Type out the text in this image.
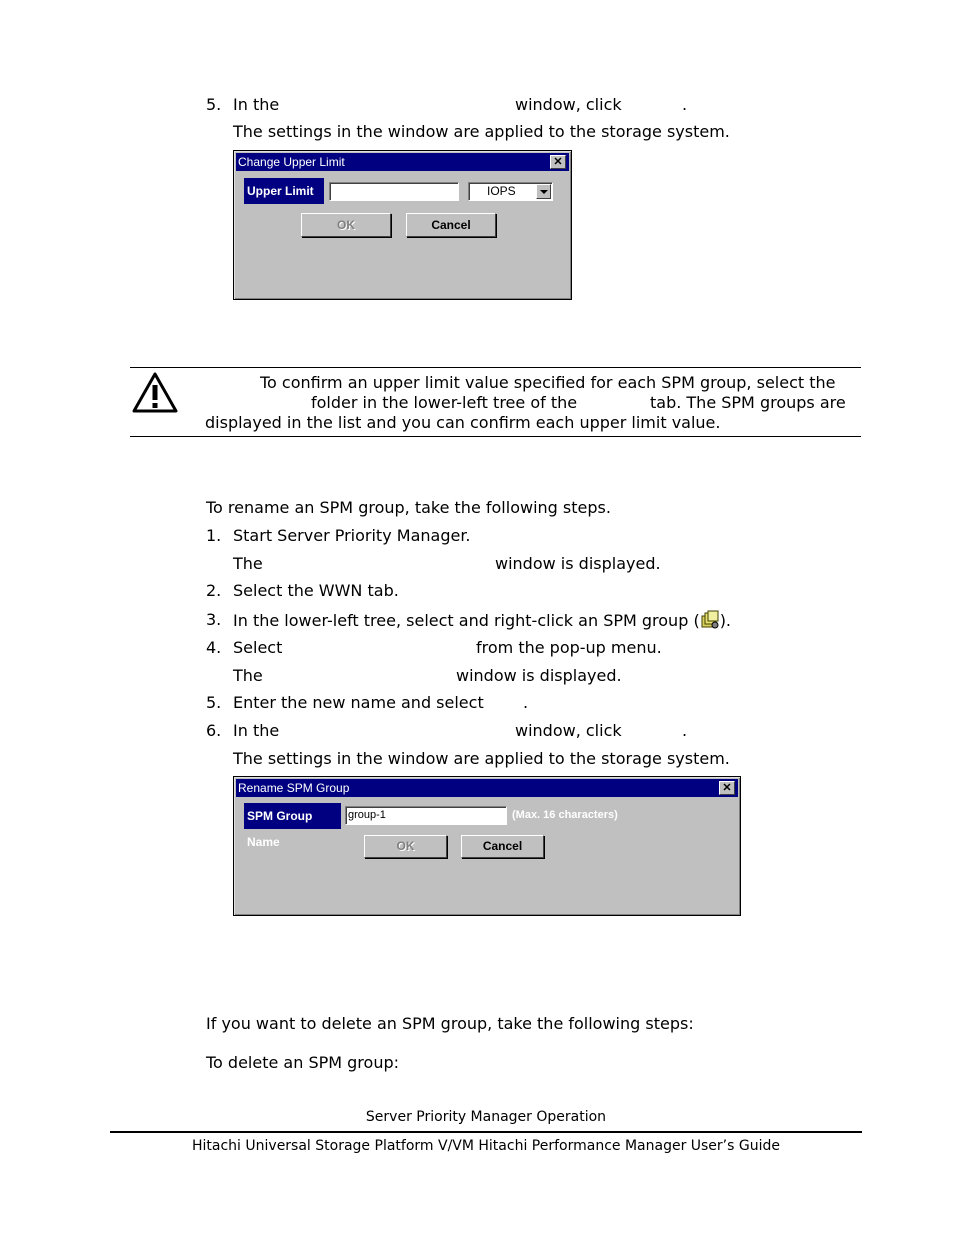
5. In the	window, click	.
The settings in the window are applied to the storage system.
Change Upper Limit	✕
Upper Limit	IOPS
OK	Cancel
To confirm an upper limit value specified for each SPM group, select the
folder in the lower-left tree of the	tab. The SPM groups are
displayed in the list and you can confirm each upper limit value.
To rename an SPM group, take the following steps.
1. Start Server Priority Manager.
The	window is displayed.
2. Select the WWN tab.
3. In the lower-left tree, select and right-click an SPM group ( ).
4. Select	from the pop-up menu.
The	window is displayed.
5. Enter the new name and select .
6. In the	window, click	.
The settings in the window are applied to the storage system.
Rename SPM Group	✕
SPM Group Name
group-1	(Max. 16 characters)
OK	Cancel
If you want to delete an SPM group, take the following steps:
To delete an SPM group:
Server Priority Manager Operation
Hitachi Universal Storage Platform V/VM Hitachi Performance Manager User’s Guide
